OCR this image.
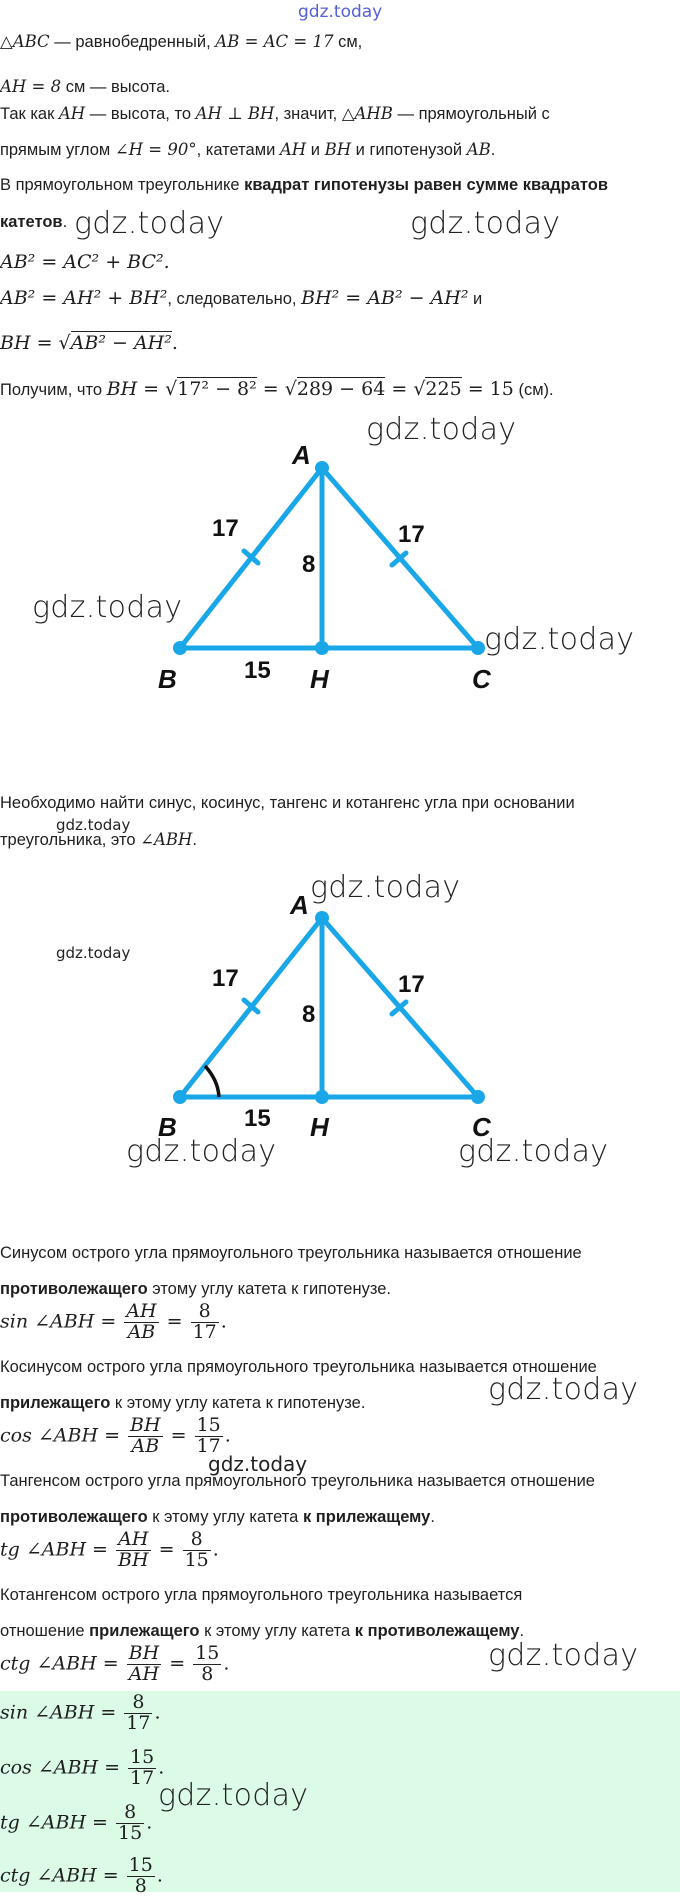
gdz.today
△ABC — равнобедренный, AB = AC = 17 см,
AH = 8 см — высота.
Так как AH — высота, то AH ⊥ BH, значит, △AHB — прямоугольный с
прямым углом ∠H = 90°, катетами AH и BH и гипотенузой AB.
В прямоугольном треугольнике квадрат гипотенузы равен сумме квадратов
катетов.
AB² = AC² + BC².
AB² = AH² + BH², следовательно, BH² = AB² − AH² и
BH = √AB² − AH².
Получим, что BH = √17² − 8² = √289 − 64 = √225 = 15 (см).
A
B	H	C
17	17
8
15
Необходимо найти синус, косинус, тангенс и котангенс угла при основании
треугольника, это ∠ABH.
A
B	H	C
17	17
8
15
Синусом острого угла прямоугольного треугольника называется отношение
противолежащего этому углу катета к гипотенузе.
sin ∠ABH = $\frac{AH}{AB} = \frac{8}{17}$ .
Косинусом острого угла прямоугольного треугольника называется отношение
прилежащего к этому углу катета к гипотенузе.
cos ∠ABH = $\frac{BH}{AB} = \frac{15}{17}$ .
Тангенсом острого угла прямоугольного треугольника называется отношение
противолежащего к этому углу катета к прилежащему.
tg ∠ABH = $\frac{AH}{BH} = \frac{8}{15}$ .
Котангенсом острого угла прямоугольного треугольника называется
отношение прилежащего к этому углу катета к противолежащему.
ctg ∠ABH = $\frac{BH}{AH} = \frac{15}{8}$ .
sin ∠ABH = $\frac{8}{17}$ .
cos ∠ABH = $\frac{15}{17}$ .
tg ∠ABH = $\frac{8}{15}$ .
ctg ∠ABH = $\frac{15}{8}$ .
gdz.today	gdz.today
gdz.today
gdz.today
gdz.today
gdz.today
gdz.today
gdz.today
gdz.today	gdz.today
gdz.today
gdz.today
gdz.today
gdz.today
